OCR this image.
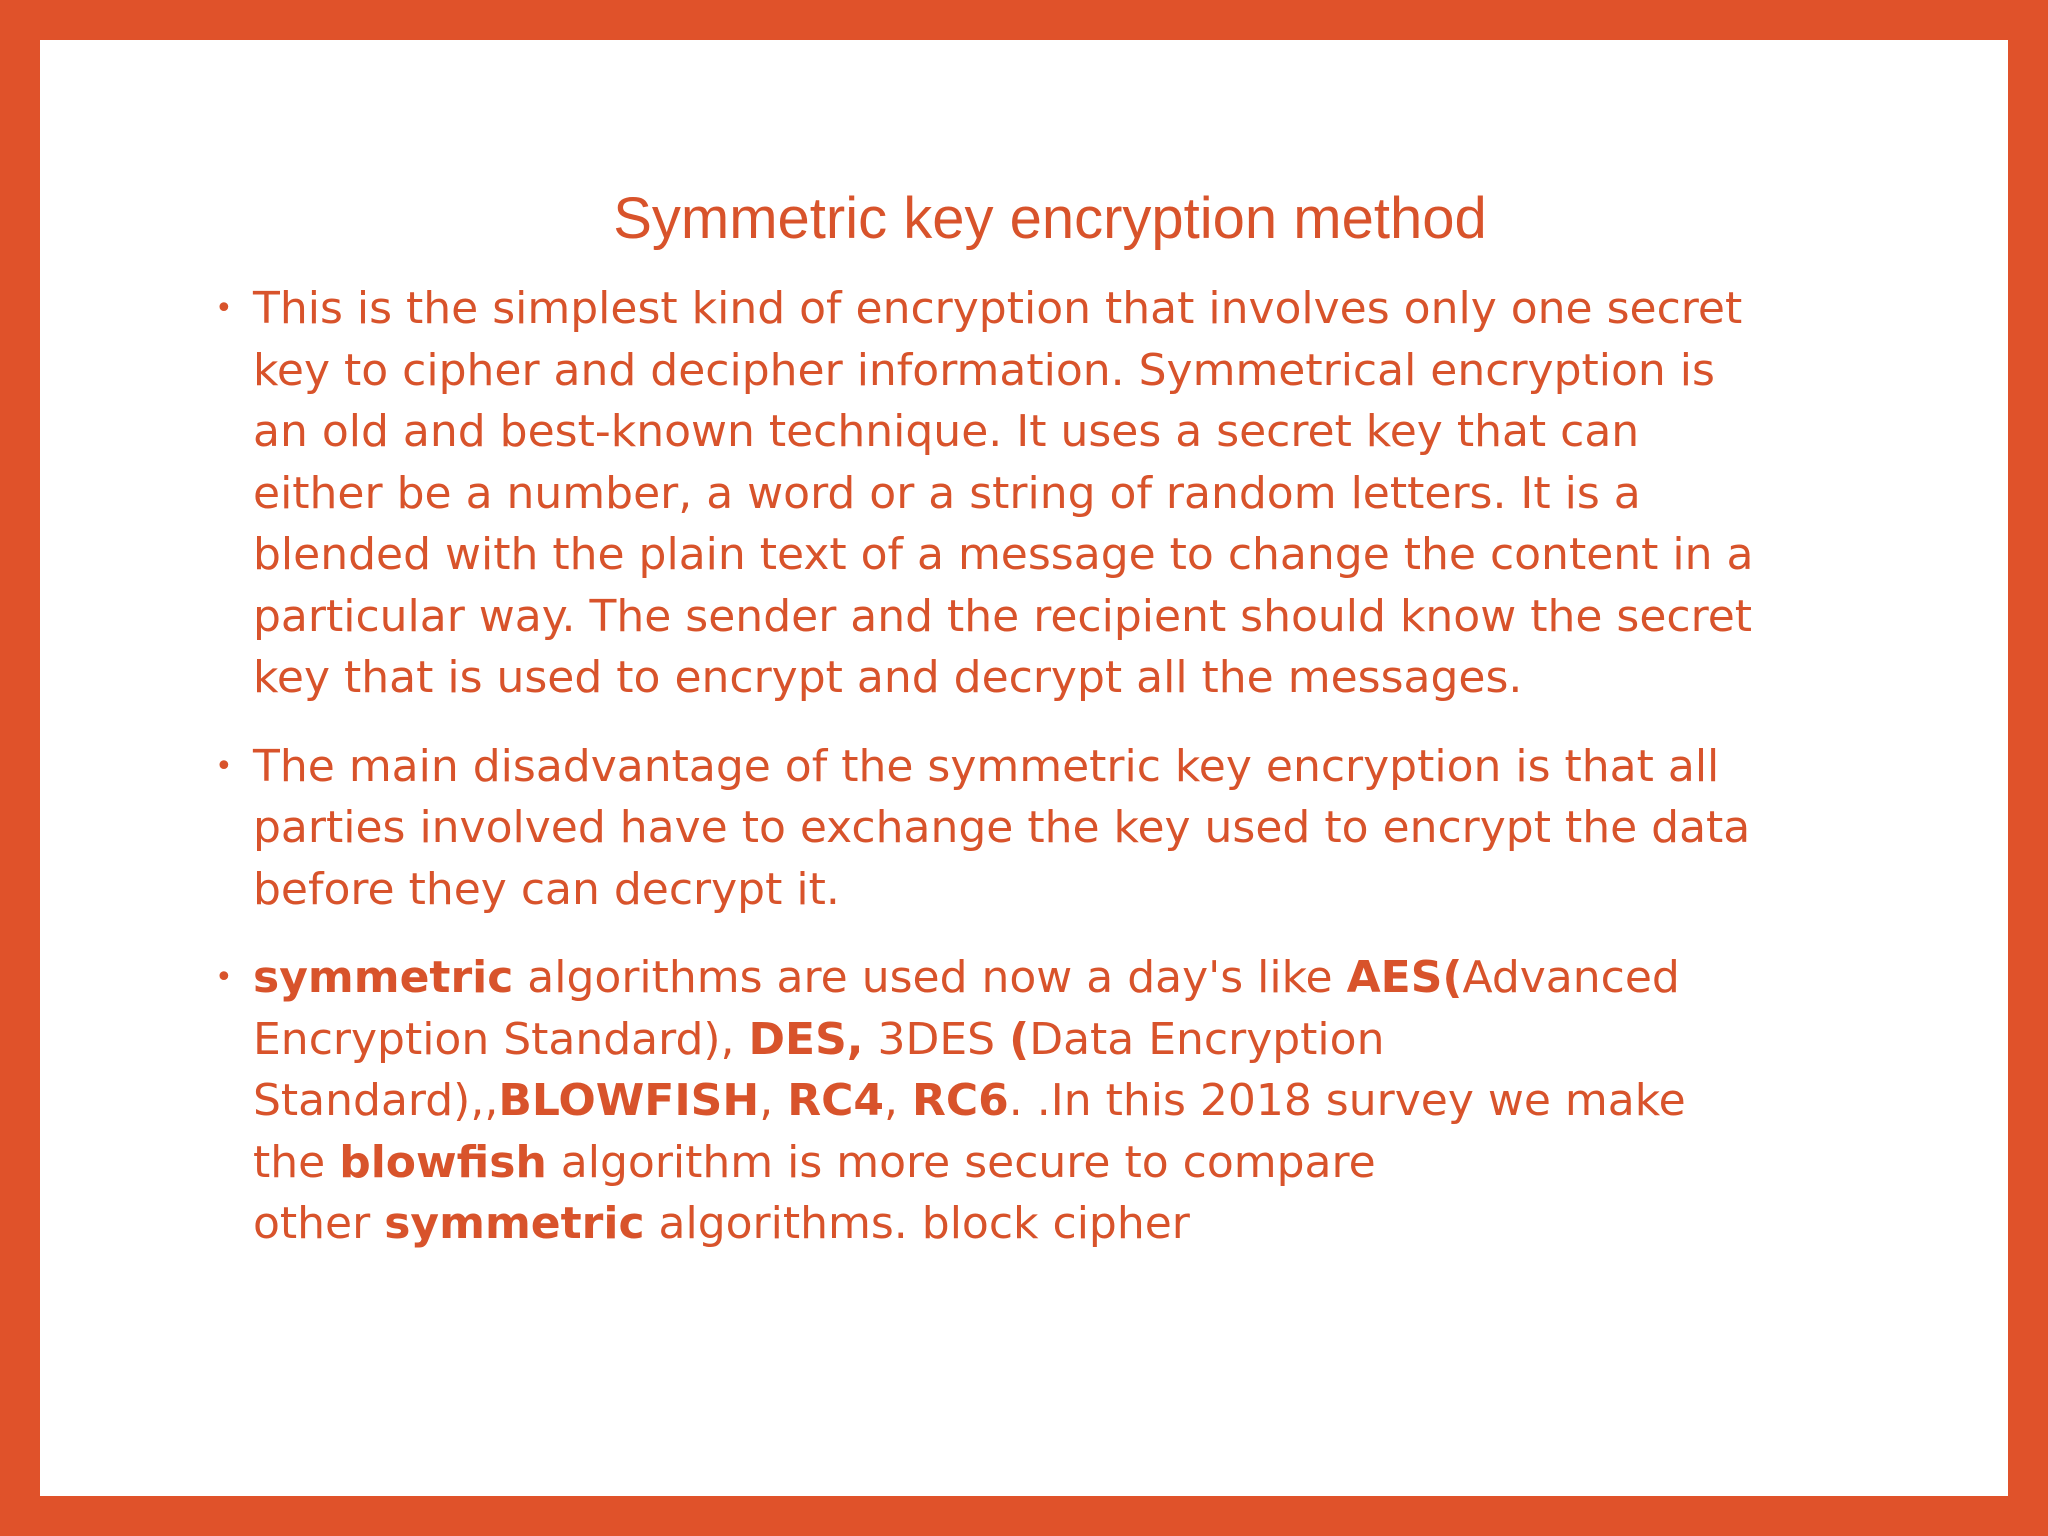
Symmetric key encryption method
• This is the simplest kind of encryption that involves only one secret
key to cipher and decipher information. Symmetrical encryption is
an old and best-known technique. It uses a secret key that can
either be a number, a word or a string of random letters. It is a
blended with the plain text of a message to change the content in a
particular way. The sender and the recipient should know the secret
key that is used to encrypt and decrypt all the messages.
• The main disadvantage of the symmetric key encryption is that all
parties involved have to exchange the key used to encrypt the data
before they can decrypt it.
• symmetric algorithms are used now a day's like AES(Advanced
Encryption Standard), DES, 3DES (Data Encryption
Standard),,BLOWFISH, RC4, RC6. .In this 2018 survey we make
the blowfish algorithm is more secure to compare
other symmetric algorithms. block cipher
